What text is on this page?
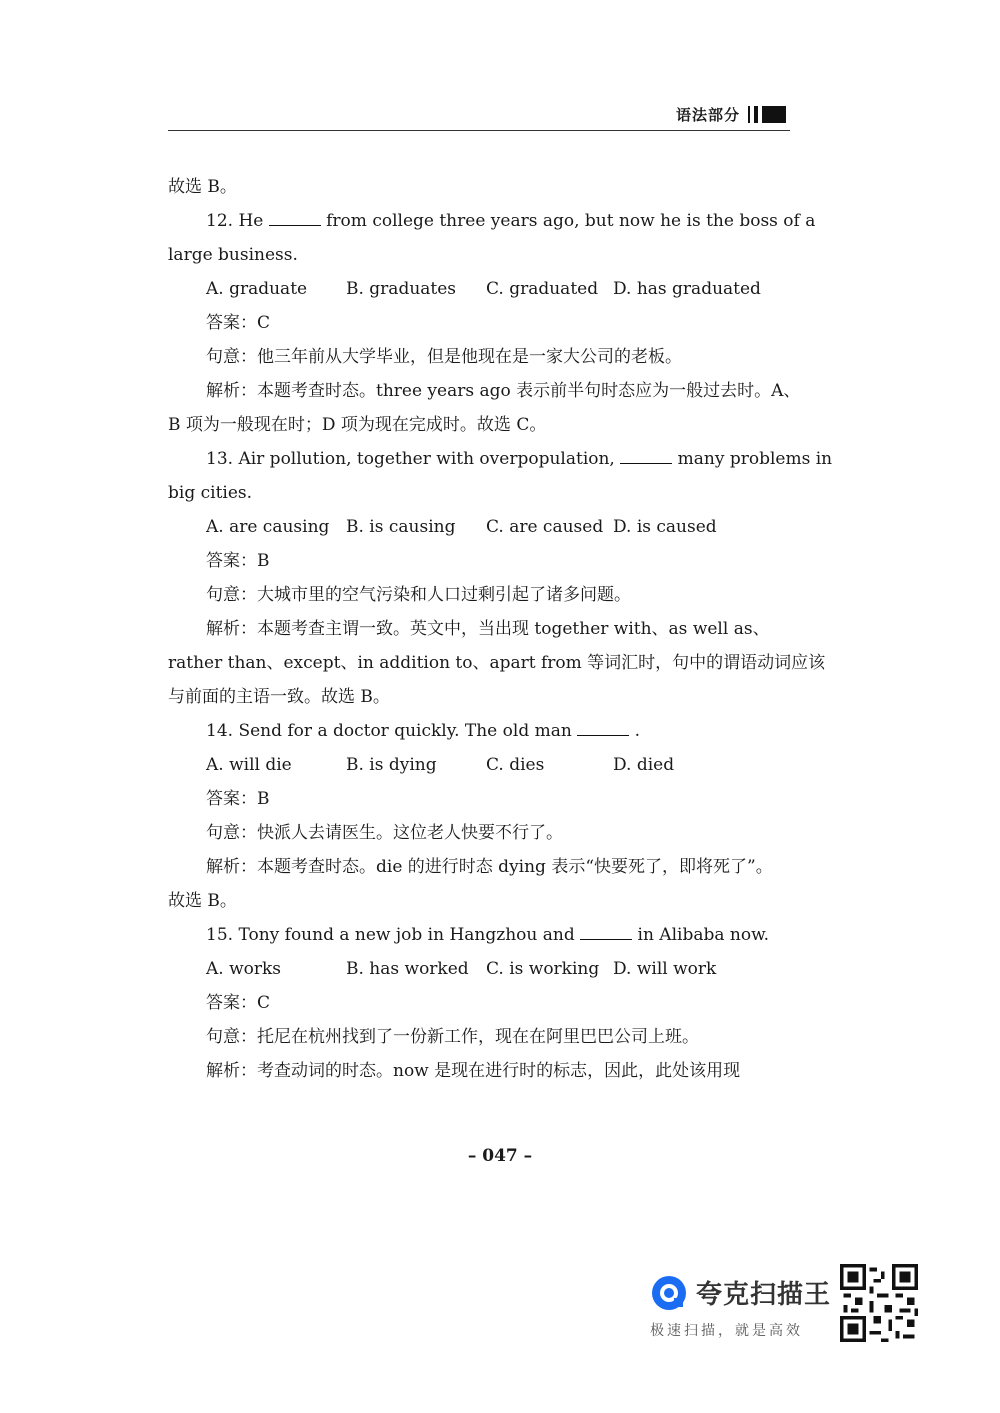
语法部分
故选 B。
12. He	from college three years ago, but now he is the boss of a
large business.
A. graduate	B. graduates	C. graduated D. has graduated
答案：C
句意：他三年前从大学毕业，但是他现在是一家大公司的老板。
解析：本题考查时态。three years ago 表示前半句时态应为一般过去时。A、
B 项为一般现在时；D 项为现在完成时。故选 C。
13. Air pollution, together with overpopulation,	many problems in
big cities.
A. are causing B. is causing	C. are caused D. is caused
答案：B
句意：大城市里的空气污染和人口过剩引起了诸多问题。
解析：本题考查主谓一致。英文中，当出现 together with、as well as、
rather than、except、in addition to、apart from 等词汇时，句中的谓语动词应该
与前面的主语一致。故选 B。
14. Send for a doctor quickly. The old man	.
A. will die	B. is dying	C. dies	D. died
答案：B
句意：快派人去请医生。这位老人快要不行了。
解析：本题考查时态。die 的进行时态 dying 表示“快要死了，即将死了”。
故选 B。
15. Tony found a new job in Hangzhou and	in Alibaba now.
A. works	B. has worked	C. is working D. will work
答案：C
句意：托尼在杭州找到了一份新工作，现在在阿里巴巴公司上班。
解析：考查动词的时态。now 是现在进行时的标志，因此，此处该用现
– 047 –
夸克扫描王
极速扫描，就是高效
